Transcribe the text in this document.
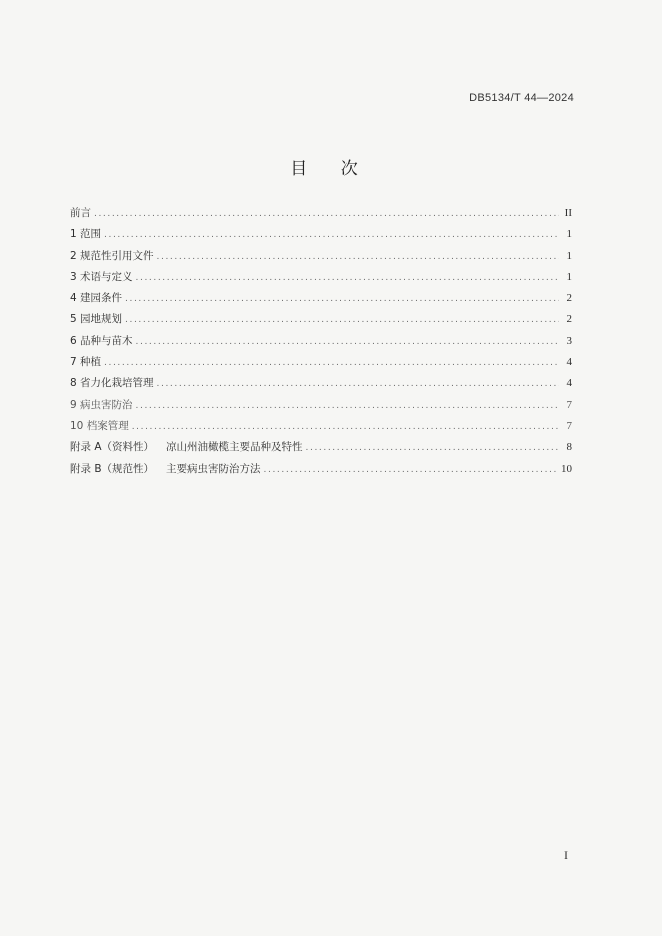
DB5134/T 44—2024
目 次
前言 .....	II
1 范围 .....	1
2 规范性引用文件 .....	1
3 术语与定义 .....	1
4 建园条件 .....	2
5 园地规划 .....	2
6 品种与苗木 .....	3
7 种植 .....	4
8 省力化栽培管理 .....	4
9 病虫害防治 .....	7
10 档案管理 .....	7
附录 A（资料性） 凉山州油橄榄主要品种及特性 .....	8
附录 B（规范性） 主要病虫害防治方法 .....	10
I
